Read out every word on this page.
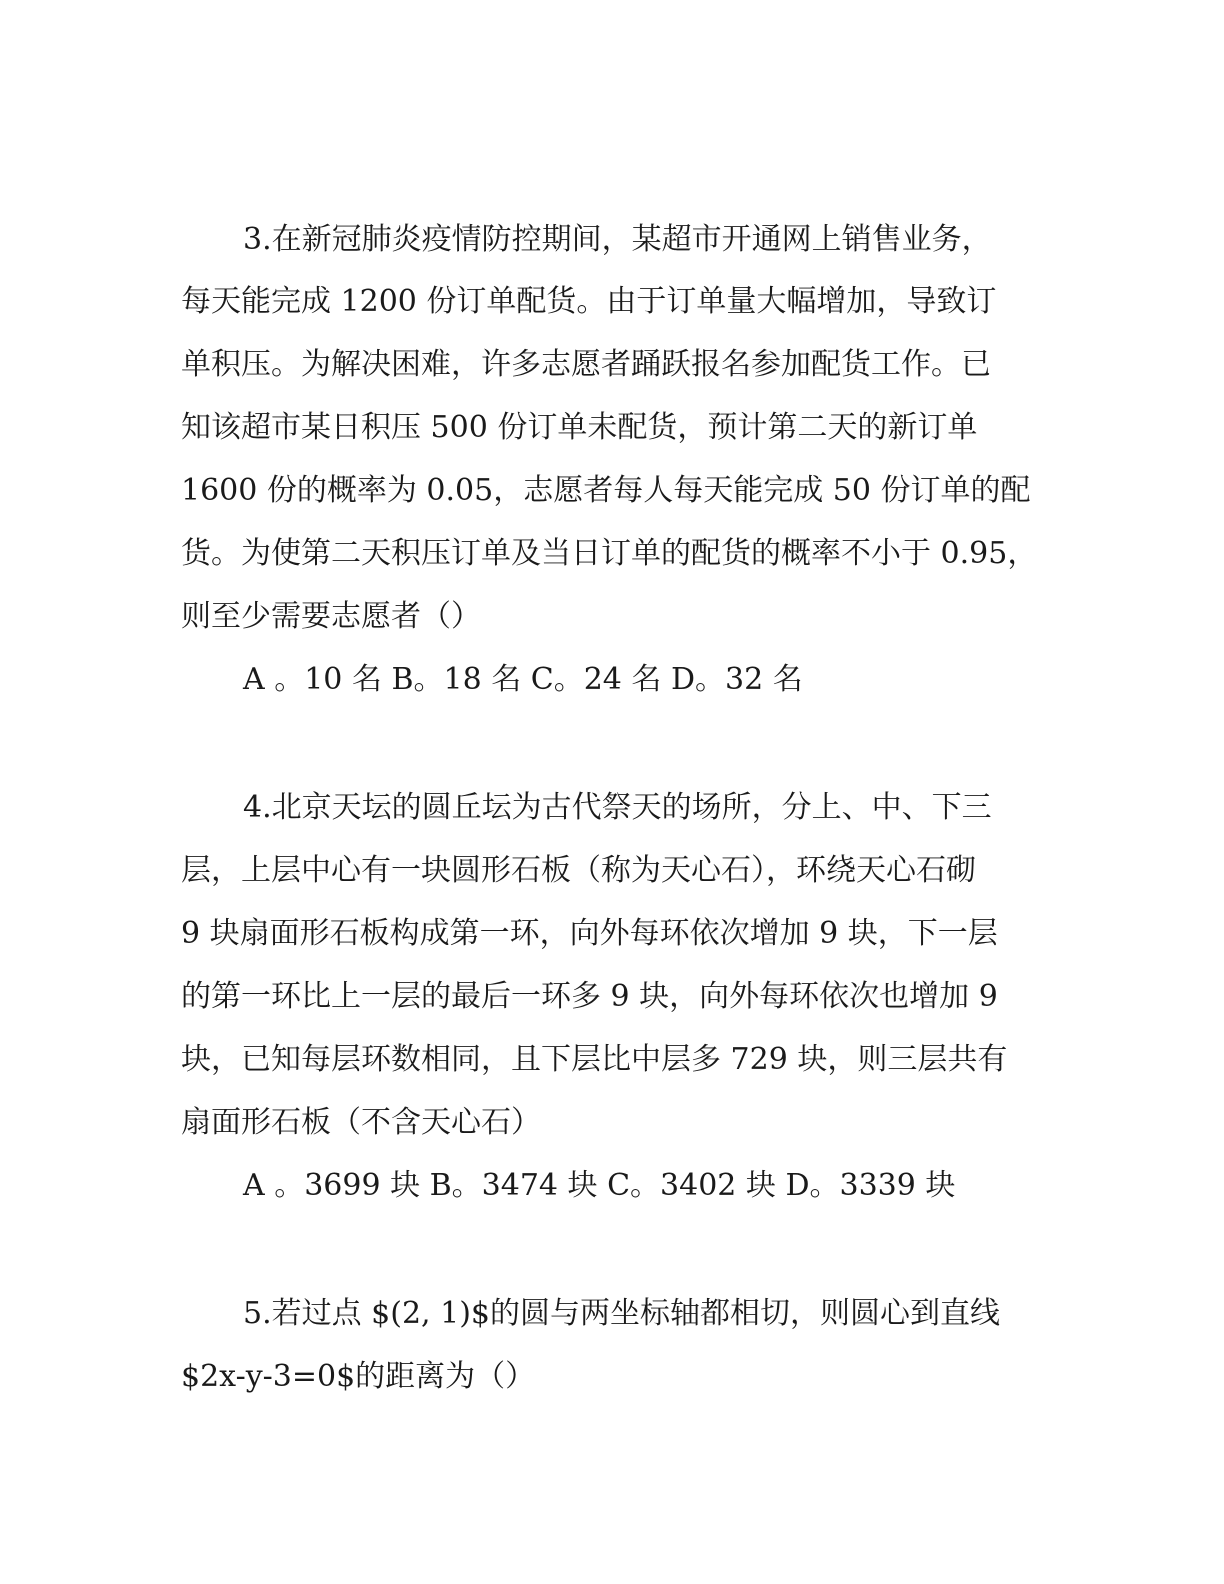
3.在新冠肺炎疫情防控期间，某超市开通网上销售业务，
每天能完成 1200 份订单配货。由于订单量大幅增加，导致订
单积压。为解决困难，许多志愿者踊跃报名参加配货工作。已
知该超市某日积压 500 份订单未配货，预计第二天的新订单
1600 份的概率为 0.05，志愿者每人每天能完成 50 份订单的配
货。为使第二天积压订单及当日订单的配货的概率不小于 0.95，
则至少需要志愿者（）
A 。10 名 B。18 名 C。24 名 D。32 名
4.北京天坛的圆丘坛为古代祭天的场所，分上、中、下三
层，上层中心有一块圆形石板（称为天心石），环绕天心石砌
9 块扇面形石板构成第一环，向外每环依次增加 9 块，下一层
的第一环比上一层的最后一环多 9 块，向外每环依次也增加 9
块，已知每层环数相同，且下层比中层多 729 块，则三层共有
扇面形石板（不含天心石）
A 。3699 块 B。3474 块 C。3402 块 D。3339 块
5.若过点 $(2, 1)$的圆与两坐标轴都相切，则圆心到直线
$2x-y-3=0$的距离为（）
